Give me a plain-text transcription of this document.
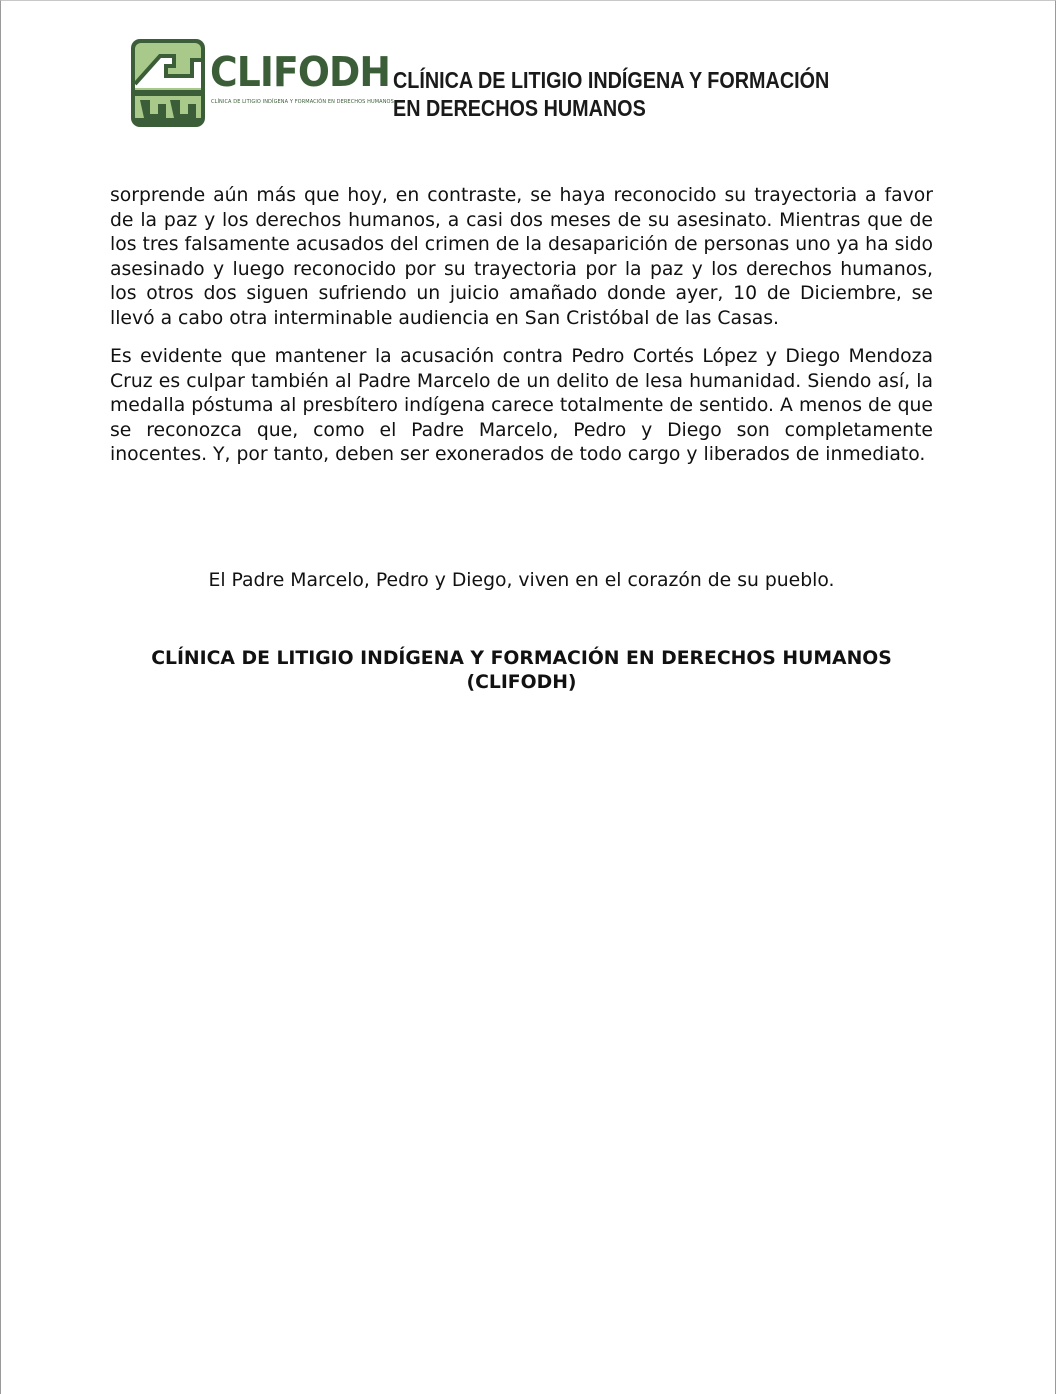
CLIFODH
CLÍNICA DE LITIGIO INDÍGENA Y FORMACIÓN EN DERECHOS HUMANOS
CLÍNICA DE LITIGIO INDÍGENA Y FORMACIÓN
EN DERECHOS HUMANOS

sorprende aún más que hoy, en contraste, se haya reconocido su trayectoria a favor de la paz y los derechos humanos, a casi dos meses de su asesinato. Mientras que de los tres falsamente acusados del crimen de la desaparición de personas uno ya ha sido asesinado y luego reconocido por su trayectoria por la paz y los derechos humanos, los otros dos siguen sufriendo un juicio amañado donde ayer, 10 de Diciembre, se llevó a cabo otra interminable audiencia en San Cristóbal de las Casas.

Es evidente que mantener la acusación contra Pedro Cortés López y Diego Mendoza Cruz es culpar también al Padre Marcelo de un delito de lesa humanidad. Siendo así, la medalla póstuma al presbítero indígena carece totalmente de sentido. A menos de que se reconozca que, como el Padre Marcelo, Pedro y Diego son completamente inocentes. Y, por tanto, deben ser exonerados de todo cargo y liberados de inmediato.

El Padre Marcelo, Pedro y Diego, viven en el corazón de su pueblo.
CLÍNICA DE LITIGIO INDÍGENA Y FORMACIÓN EN DERECHOS HUMANOS
(CLIFODH)
